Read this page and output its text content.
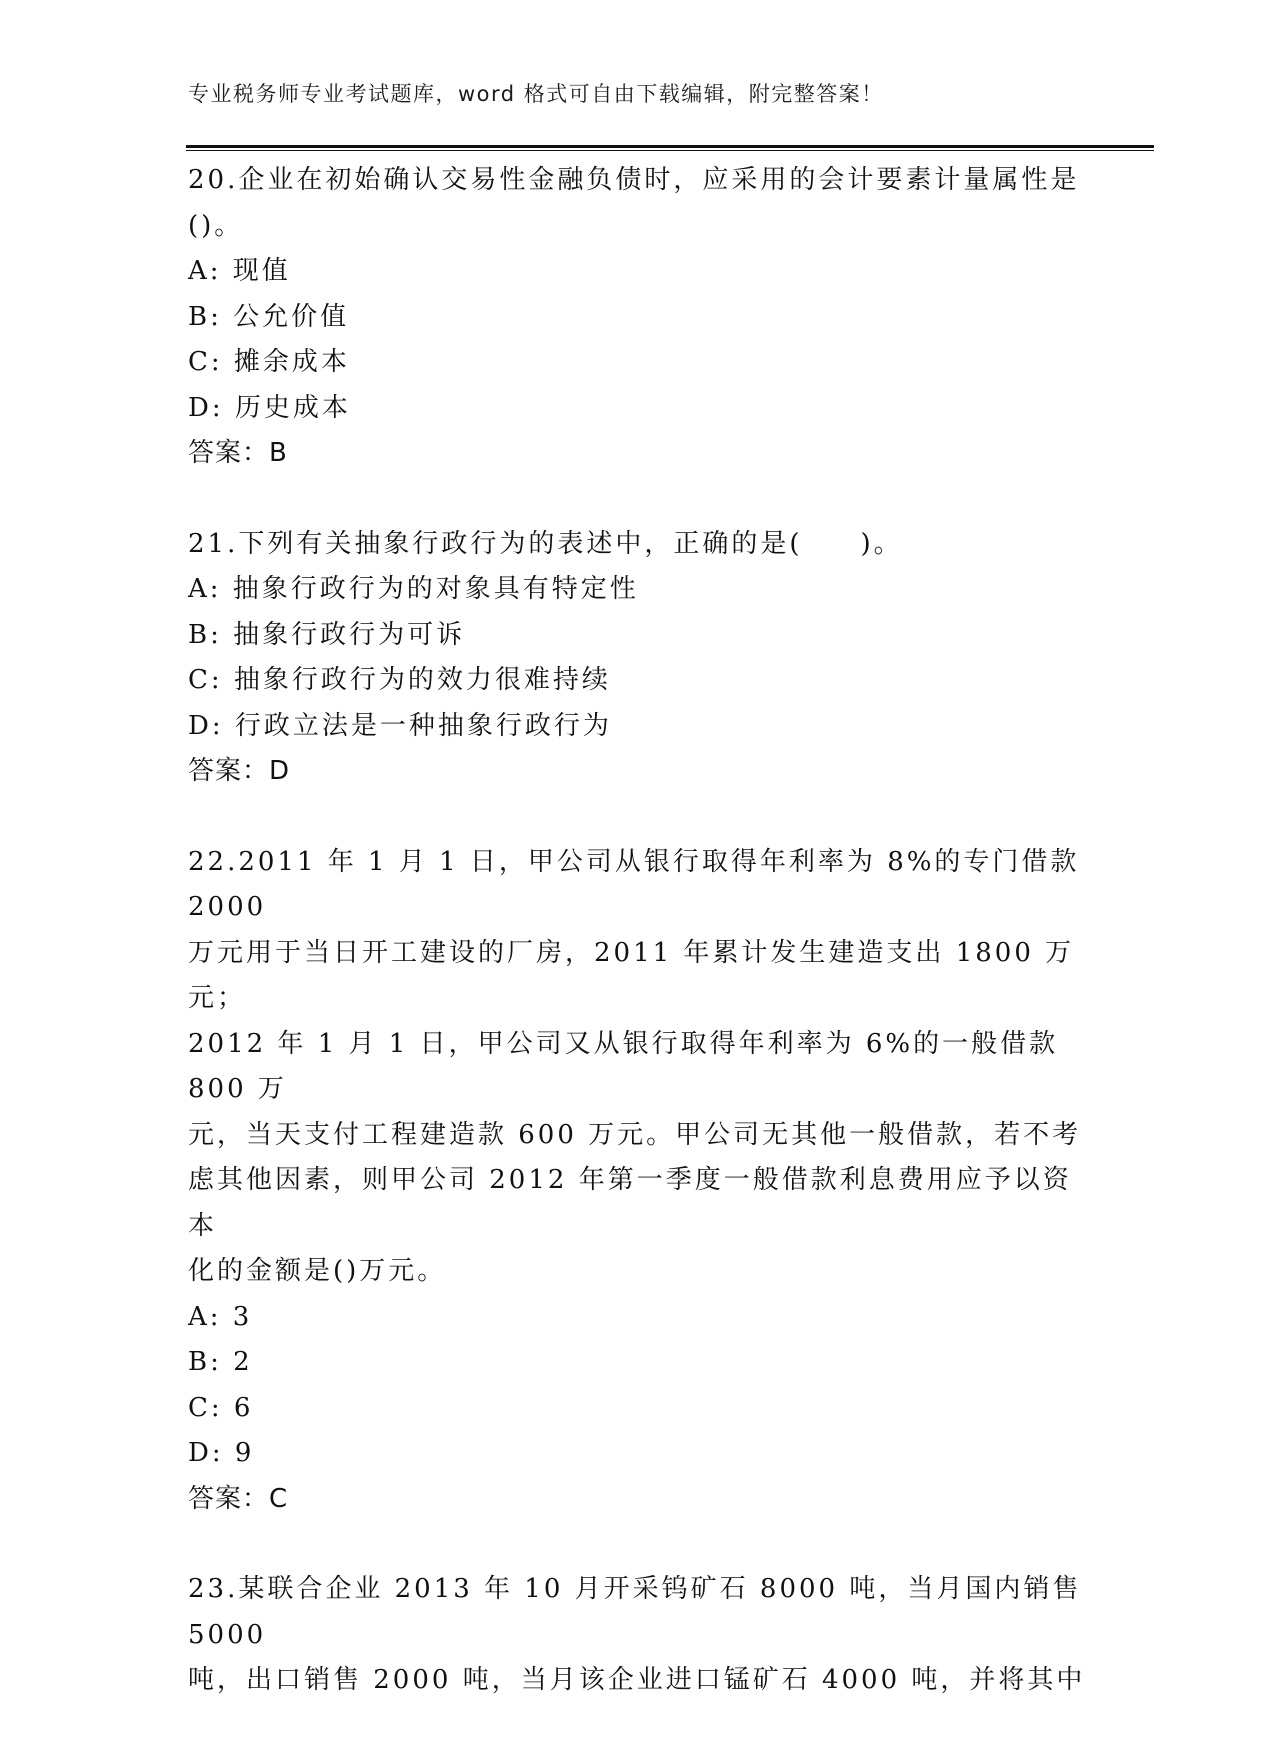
专业税务师专业考试题库，word 格式可自由下载编辑，附完整答案！
20.企业在初始确认交易性金融负债时，应采用的会计要素计量属性是
()。
A: 现值
B: 公允价值
C: 摊余成本
D: 历史成本
答案：B
21.下列有关抽象行政行为的表述中，正确的是(　　)。
A: 抽象行政行为的对象具有特定性
B: 抽象行政行为可诉
C: 抽象行政行为的效力很难持续
D: 行政立法是一种抽象行政行为
答案：D
22.2011 年 1 月 1 日，甲公司从银行取得年利率为 8%的专门借款 2000
万元用于当日开工建设的厂房，2011 年累计发生建造支出 1800 万元；
2012 年 1 月 1 日，甲公司又从银行取得年利率为 6%的一般借款 800 万
元，当天支付工程建造款 600 万元。甲公司无其他一般借款，若不考
虑其他因素，则甲公司 2012 年第一季度一般借款利息费用应予以资本
化的金额是()万元。
A: 3
B: 2
C: 6
D: 9
答案：C
23.某联合企业 2013 年 10 月开采钨矿石 8000 吨，当月国内销售 5000
吨，出口销售 2000 吨，当月该企业进口锰矿石 4000 吨，并将其中
